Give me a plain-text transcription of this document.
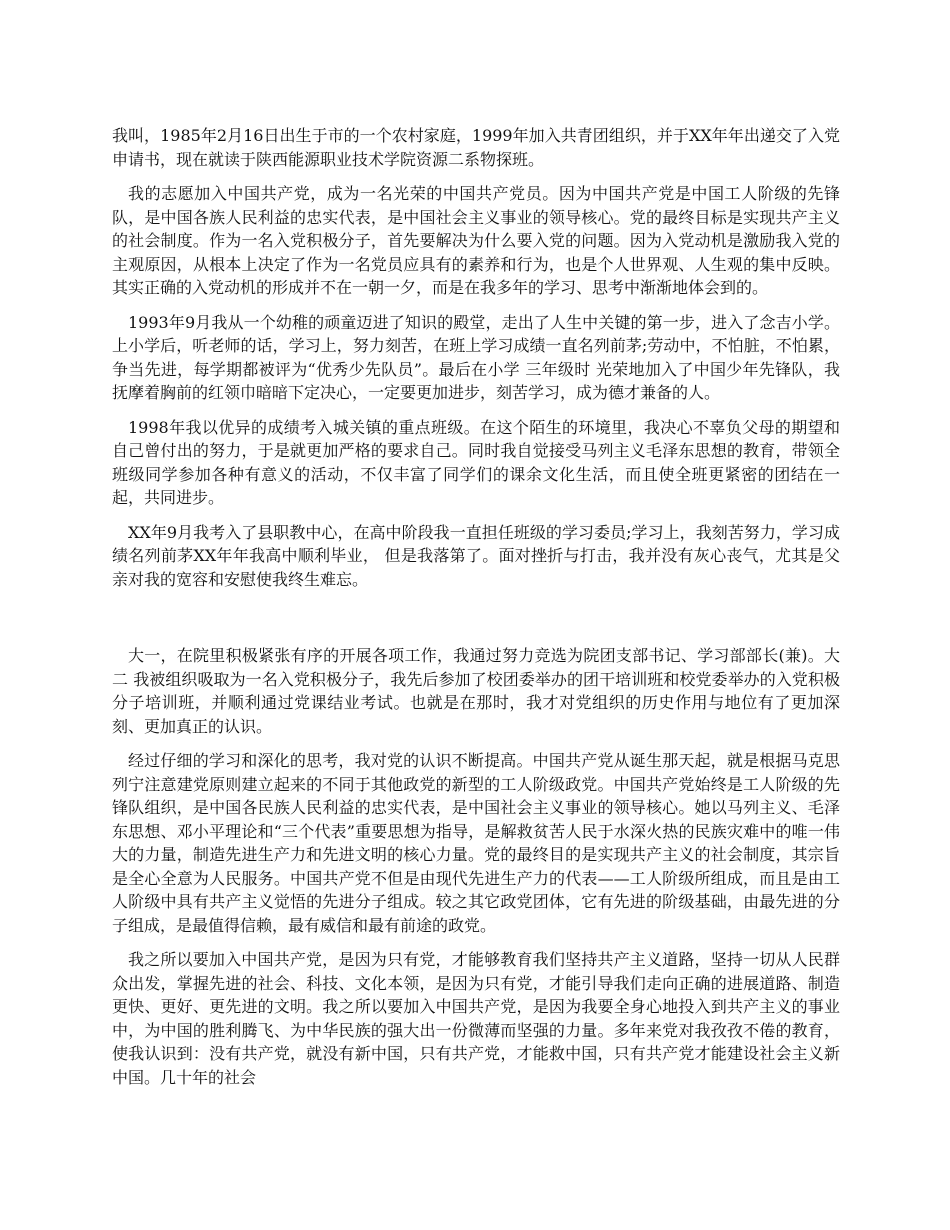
我叫，1985年2月16日出生于市的一个农村家庭，1999年加入共青团组织，并于XX年年出递交了入党申请书，现在就读于陕西能源职业技术学院资源二系物探班。

我的志愿加入中国共产党，成为一名光荣的中国共产党员。因为中国共产党是中国工人阶级的先锋队，是中国各族人民利益的忠实代表，是中国社会主义事业的领导核心。党的最终目标是实现共产主义的社会制度。作为一名入党积极分子，首先要解决为什么要入党的问题。因为入党动机是激励我入党的主观原因，从根本上决定了作为一名党员应具有的素养和行为，也是个人世界观、人生观的集中反映。其实正确的入党动机的形成并不在一朝一夕，而是在我多年的学习、思考中渐渐地体会到的。

1993年9月我从一个幼稚的顽童迈进了知识的殿堂，走出了人生中关键的第一步，进入了念吉小学。 上小学后，听老师的话，学习上，努力刻苦，在班上学习成绩一直名列前茅;劳动中，不怕脏，不怕累，争当先进，每学期都被评为“优秀少先队员”。最后在小学 三年级时 光荣地加入了中国少年先锋队，我抚摩着胸前的红领巾暗暗下定决心，一定要更加进步，刻苦学习，成为德才兼备的人。

1998年我以优异的成绩考入城关镇的重点班级。在这个陌生的环境里，我决心不辜负父母的期望和自己曾付出的努力，于是就更加严格的要求自己。同时我自觉接受马列主义毛泽东思想的教育，带领全班级同学参加各种有意义的活动，不仅丰富了同学们的课余文化生活，而且使全班更紧密的团结在一起，共同进步。

XX年9月我考入了县职教中心，在高中阶段我一直担任班级的学习委员;学习上，我刻苦努力，学习成绩名列前茅XX年年我高中顺利毕业， 但是我落第了。面对挫折与打击，我并没有灰心丧气，尤其是父亲对我的宽容和安慰使我终生难忘。

大一，在院里积极紧张有序的开展各项工作，我通过努力竞选为院团支部书记、学习部部长(兼)。大二 我被组织吸取为一名入党积极分子，我先后参加了校团委举办的团干培训班和校党委举办的入党积极分子培训班，并顺利通过党课结业考试。也就是在那时，我才对党组织的历史作用与地位有了更加深刻、更加真正的认识。

经过仔细的学习和深化的思考，我对党的认识不断提高。中国共产党从诞生那天起，就是根据马克思列宁注意建党原则建立起来的不同于其他政党的新型的工人阶级政党。中国共产党始终是工人阶级的先锋队组织，是中国各民族人民利益的忠实代表，是中国社会主义事业的领导核心。她以马列主义、毛泽东思想、邓小平理论和“三个代表”重要思想为指导，是解救贫苦人民于水深火热的民族灾难中的唯一伟大的力量，制造先进生产力和先进文明的核心力量。党的最终目的是实现共产主义的社会制度，其宗旨是全心全意为人民服务。中国共产党不但是由现代先进生产力的代表——工人阶级所组成，而且是由工人阶级中具有共产主义觉悟的先进分子组成。较之其它政党团体，它有先进的阶级基础，由最先进的分子组成，是最值得信赖，最有威信和最有前途的政党。

我之所以要加入中国共产党，是因为只有党，才能够教育我们坚持共产主义道路，坚持一切从人民群众出发，掌握先进的社会、科技、文化本领，是因为只有党，才能引导我们走向正确的进展道路、制造更快、更好、更先进的文明。我之所以要加入中国共产党，是因为我要全身心地投入到共产主义的事业中，为中国的胜利腾飞、为中华民族的强大出一份微薄而坚强的力量。多年来党对我孜孜不倦的教育，使我认识到：没有共产党，就没有新中国，只有共产党，才能救中国，只有共产党才能建设社会主义新中国。几十年的社会
